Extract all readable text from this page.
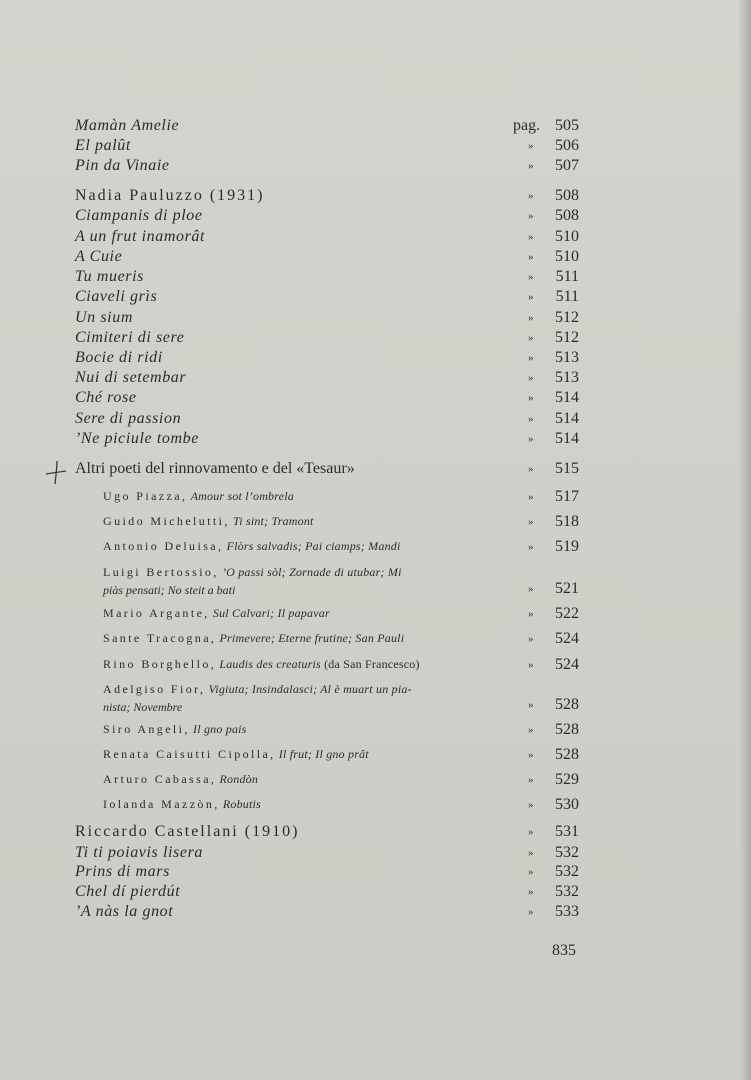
Mamàn Amelie	pag. 505
El palût	» 506
Pin da Vinaie	» 507
Nadia Pauluzzo (1931)	» 508
Ciampanis di ploe	» 508
A un frut inamorât	» 510
A Cuie	» 510
Tu mueris	» 511
Ciaveli grìs	» 511
Un sium	» 512
Cimiteri di sere	» 512
Bocie di ridi	» 513
Nui di setembar	» 513
Ché rose	» 514
Sere di passion	» 514
’Ne piciule tombe	» 514
Altri poeti del rinnovamento e del «Tesaur»	» 515
Ugo Piazza, Amour sot l’ombrela	» 517
Guido Michelutti, Ti sint; Tramont	» 518
Antonio Deluisa, Flòrs salvadis; Pai ciamps; Mandi	» 519
Luigi Bertossio, ’O passi sòl; Zornade di utubar; Mi
piàs pensati; No steit a bati	» 521
Mario Argante, Sul Calvari; Il papavar	» 522
Sante Tracogna, Primevere; Eterne frutine; San Pauli	» 524
Rino Borghello, Laudis des creaturis (da San Francesco)	» 524
Adelgiso Fior, Vigiuta; Insindalasci; Al è muart un pia-
nista; Novembre	» 528
Siro Angeli, Il gno pais	» 528
Renata Caisutti Cipolla, Il frut; Il gno prât	» 528
Arturo Cabassa, Rondòn	» 529
Iolanda Mazzòn, Robutis	» 530
Riccardo Castellani (1910)	» 531
Ti ti poiavis lisera	» 532
Prins di mars	» 532
Chel dí pierdút	» 532
’A nàs la gnot	» 533
835
